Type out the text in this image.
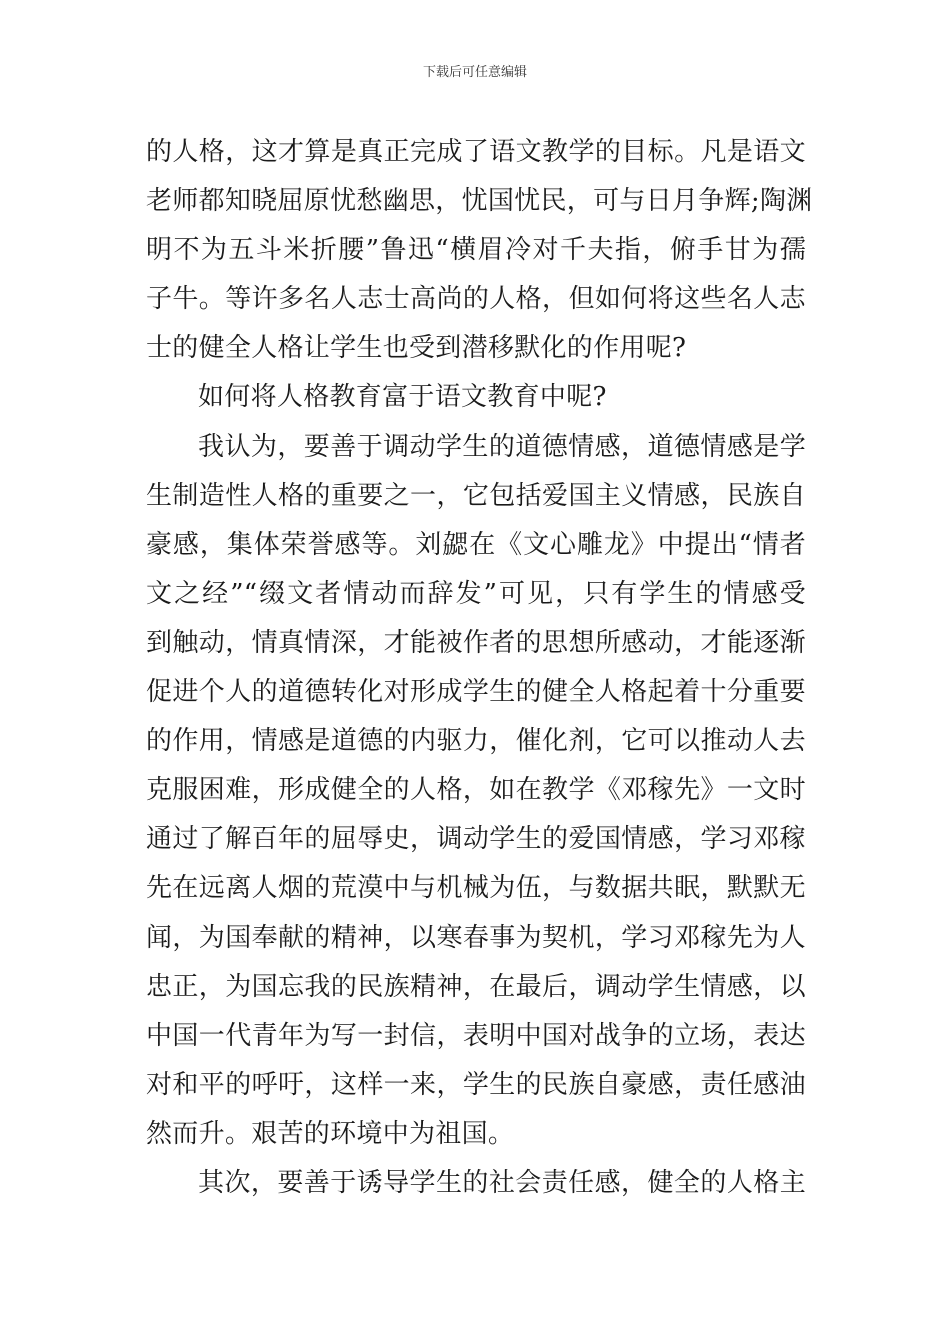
下载后可任意编辑
的人格，这才算是真正完成了语文教学的目标。凡是语文
老师都知晓屈原忧愁幽思，忧国忧民，可与日月争辉;陶渊
明不为五斗米折腰”鲁迅“横眉冷对千夫指，俯手甘为孺
子牛。等许多名人志士高尚的人格，但如何将这些名人志
士的健全人格让学生也受到潜移默化的作用呢?
如何将人格教育富于语文教育中呢?
我认为，要善于调动学生的道德情感，道德情感是学
生制造性人格的重要之一，它包括爱国主义情感，民族自
豪感，集体荣誉感等。刘勰在《文心雕龙》中提出“情者
文之经”“缀文者情动而辞发”可见，只有学生的情感受
到触动，情真情深，才能被作者的思想所感动，才能逐渐
促进个人的道德转化对形成学生的健全人格起着十分重要
的作用，情感是道德的内驱力，催化剂，它可以推动人去
克服困难，形成健全的人格，如在教学《邓稼先》一文时
通过了解百年的屈辱史，调动学生的爱国情感，学习邓稼
先在远离人烟的荒漠中与机械为伍，与数据共眠，默默无
闻，为国奉献的精神，以寒春事为契机，学习邓稼先为人
忠正，为国忘我的民族精神，在最后，调动学生情感，以
中国一代青年为写一封信，表明中国对战争的立场，表达
对和平的呼吁，这样一来，学生的民族自豪感，责任感油
然而升。艰苦的环境中为祖国。
其次，要善于诱导学生的社会责任感，健全的人格主
